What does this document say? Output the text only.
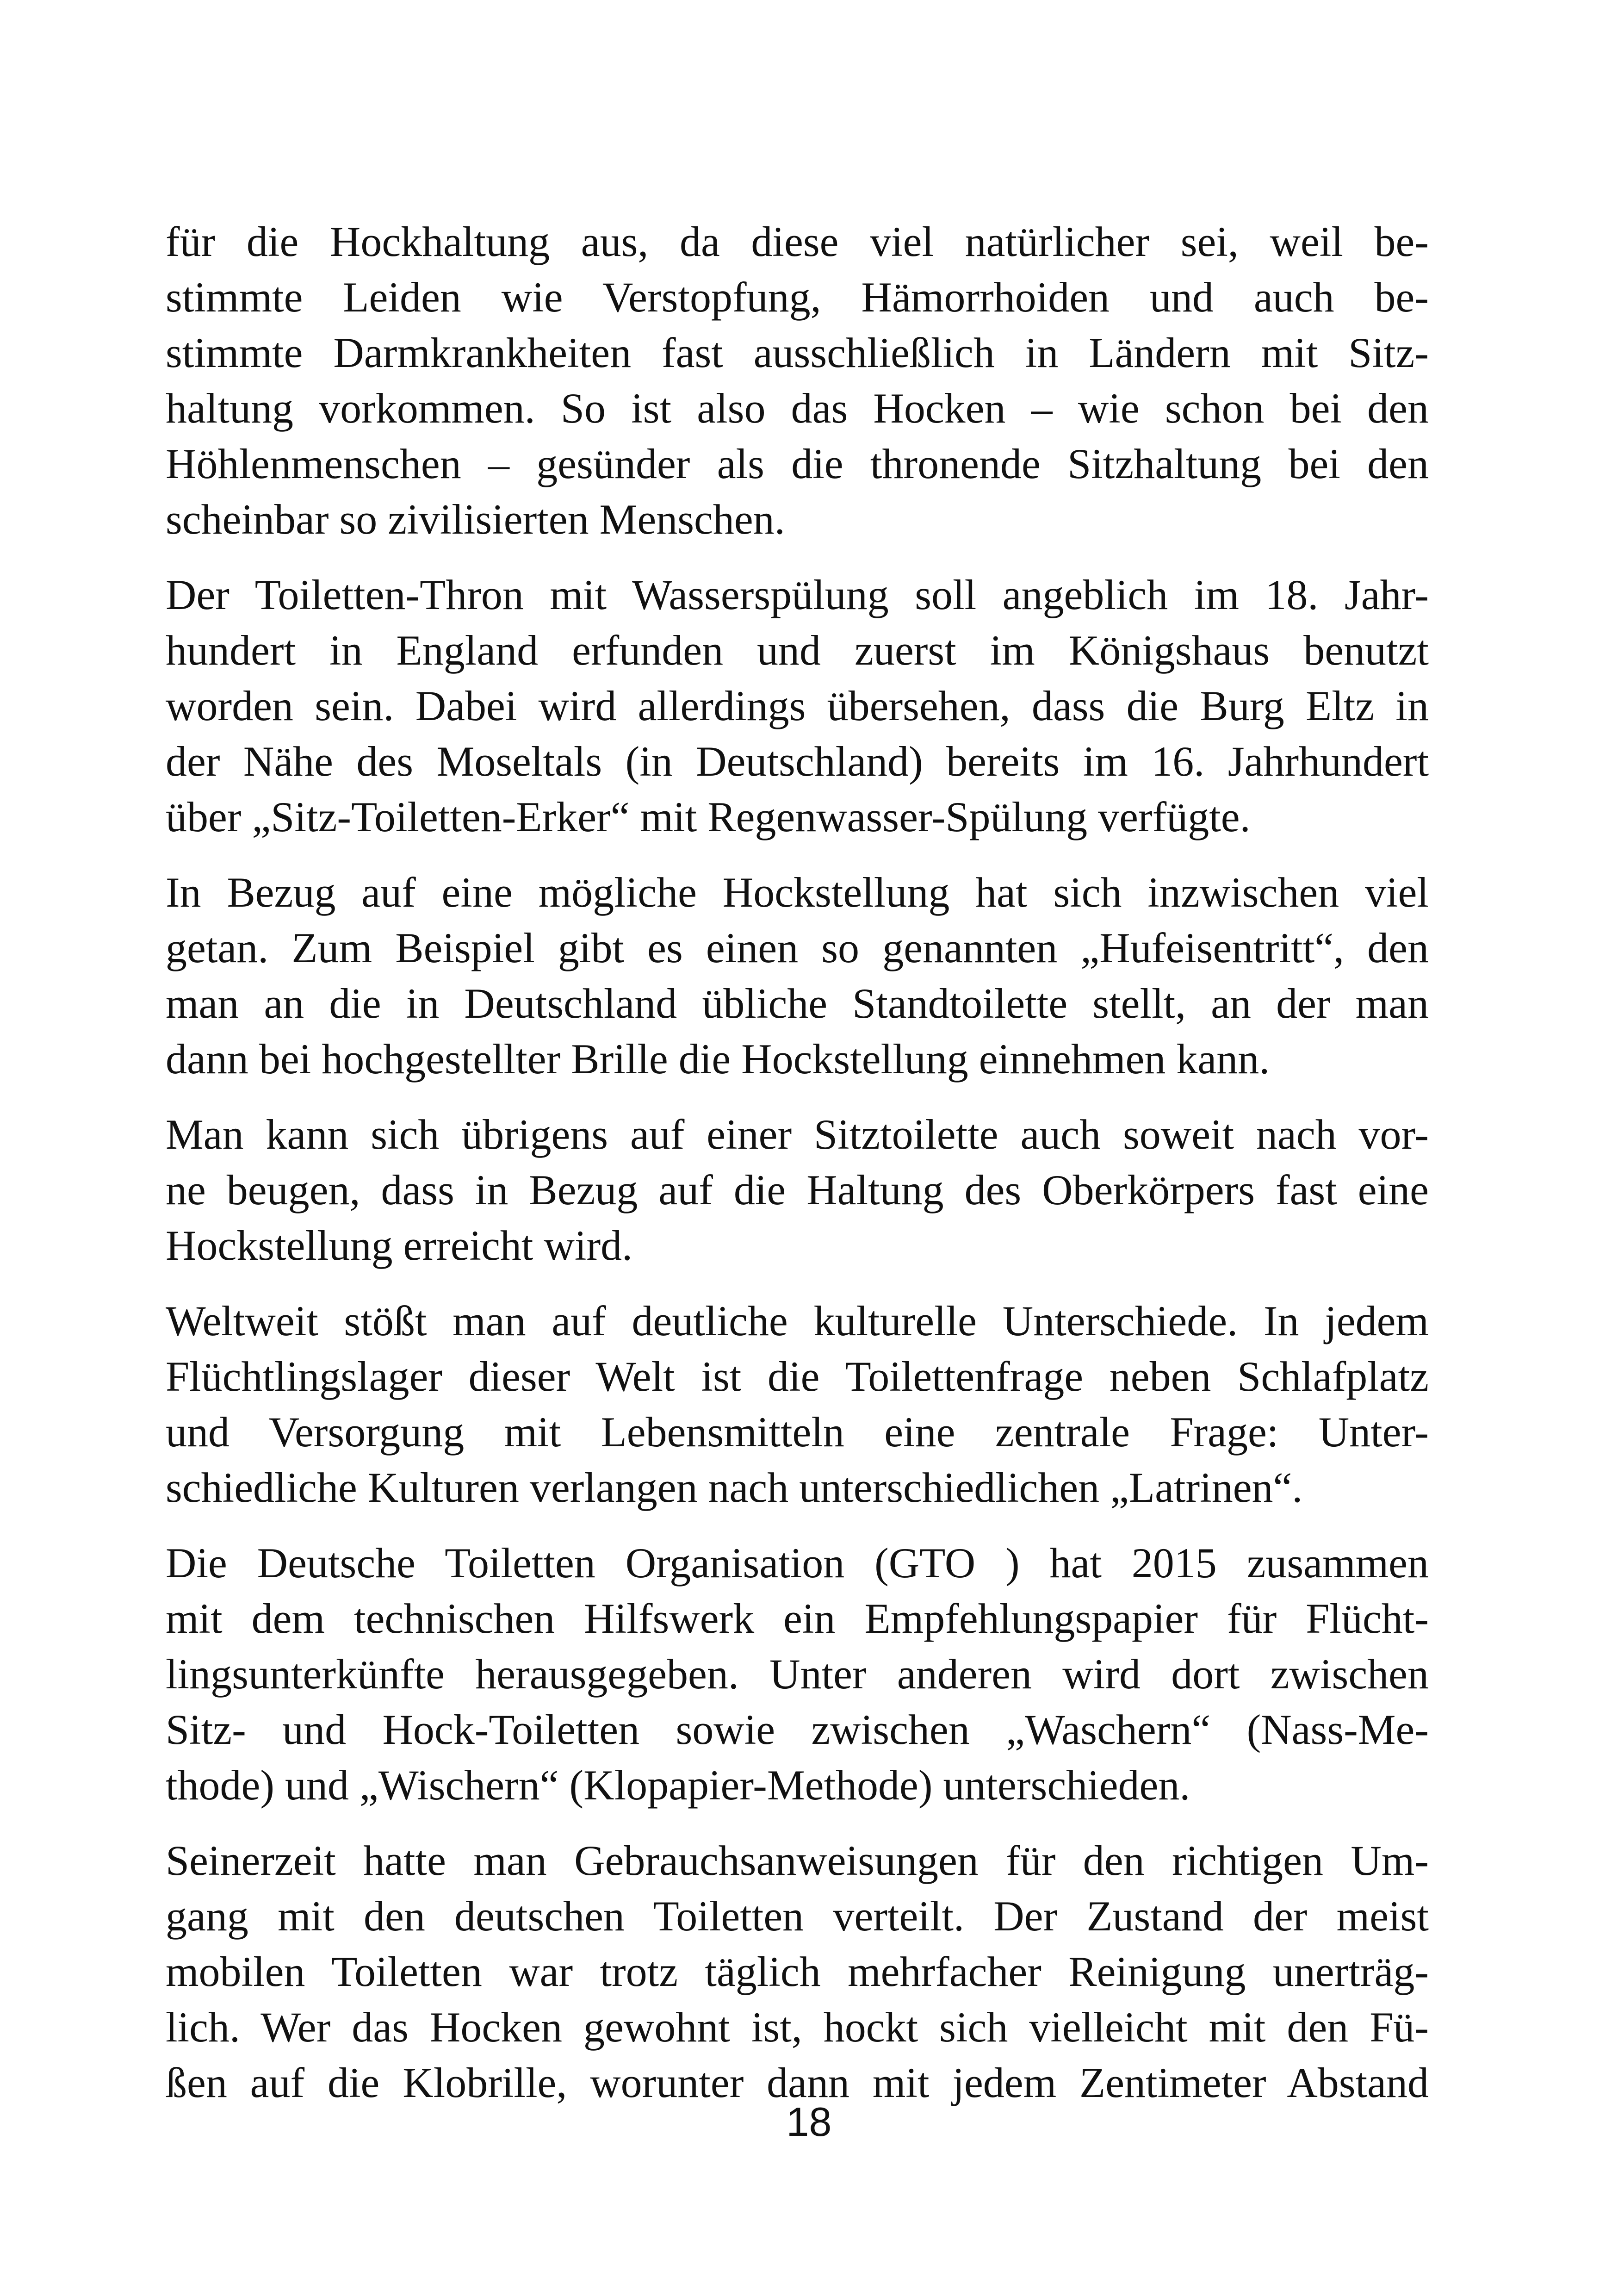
für die Hockhaltung aus, da diese viel natürlicher sei, weil be-
stimmte Leiden wie Verstopfung, Hämorrhoiden und auch be-
stimmte Darmkrankheiten fast ausschließlich in Ländern mit Sitz-
haltung vorkommen. So ist also das Hocken – wie schon bei den
Höhlenmenschen – gesünder als die thronende Sitzhaltung bei den
scheinbar so zivilisierten Menschen.

Der Toiletten-Thron mit Wasserspülung soll angeblich im 18. Jahr-
hundert in England erfunden und zuerst im Königshaus benutzt
worden sein. Dabei wird allerdings übersehen, dass die Burg Eltz in
der Nähe des Moseltals (in Deutschland) bereits im 16. Jahrhundert
über „Sitz-Toiletten-Erker“ mit Regenwasser-Spülung verfügte.

In Bezug auf eine mögliche Hockstellung hat sich inzwischen viel
getan. Zum Beispiel gibt es einen so genannten „Hufeisentritt“, den
man an die in Deutschland übliche Standtoilette stellt, an der man
dann bei hochgestellter Brille die Hockstellung einnehmen kann.

Man kann sich übrigens auf einer Sitztoilette auch soweit nach vor-
ne beugen, dass in Bezug auf die Haltung des Oberkörpers fast eine
Hockstellung erreicht wird.

Weltweit stößt man auf deutliche kulturelle Unterschiede. In jedem
Flüchtlingslager dieser Welt ist die Toilettenfrage neben Schlafplatz
und Versorgung mit Lebensmitteln eine zentrale Frage: Unter-
schiedliche Kulturen verlangen nach unterschiedlichen „Latrinen“.

Die Deutsche Toiletten Organisation (GTO ) hat 2015 zusammen
mit dem technischen Hilfswerk ein Empfehlungspapier für Flücht-
lingsunterkünfte herausgegeben. Unter anderen wird dort zwischen
Sitz- und Hock-Toiletten sowie zwischen „Waschern“ (Nass-Me-
thode) und „Wischern“ (Klopapier-Methode) unterschieden.

Seinerzeit hatte man Gebrauchsanweisungen für den richtigen Um-
gang mit den deutschen Toiletten verteilt. Der Zustand der meist
mobilen Toiletten war trotz täglich mehrfacher Reinigung unerträg-
lich. Wer das Hocken gewohnt ist, hockt sich vielleicht mit den Fü-
ßen auf die Klobrille, worunter dann mit jedem Zentimeter Abstand

18
